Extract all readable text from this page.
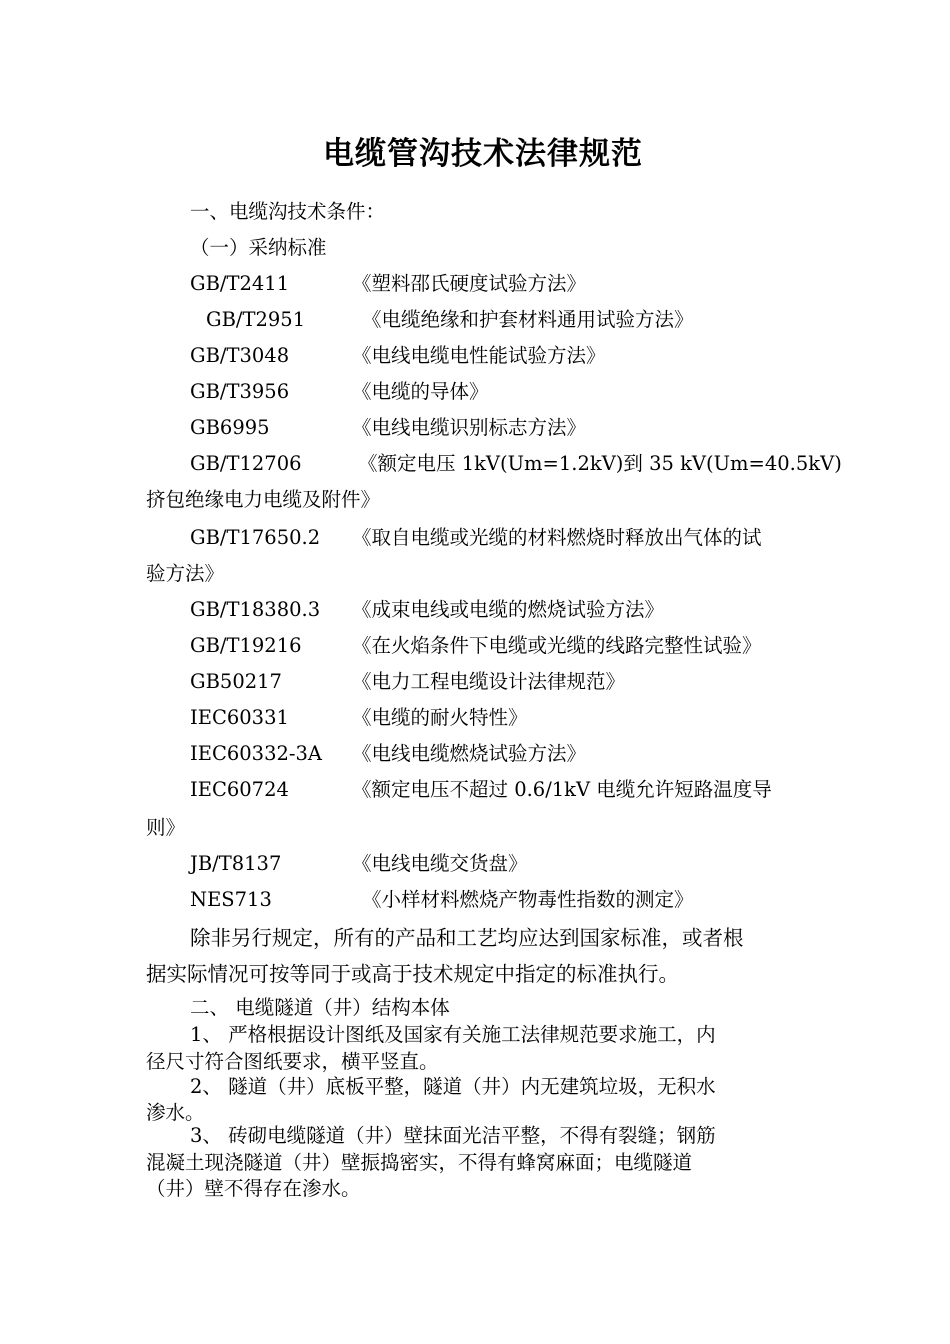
电缆管沟技术法律规范
一、电缆沟技术条件：
（一）采纳标准
GB/T2411	《塑料邵氏硬度试验方法》
GB/T2951	《电缆绝缘和护套材料通用试验方法》
GB/T3048	《电线电缆电性能试验方法》
GB/T3956	《电缆的导体》
GB6995	《电线电缆识别标志方法》
GB/T12706	《额定电压 1kV(Um=1.2kV)到 35 kV(Um=40.5kV)
挤包绝缘电力电缆及附件》
GB/T17650.2 《取自电缆或光缆的材料燃烧时释放出气体的试
验方法》
GB/T18380.3 《成束电线或电缆的燃烧试验方法》
GB/T19216	《在火焰条件下电缆或光缆的线路完整性试验》
GB50217	《电力工程电缆设计法律规范》
IEC60331	《电缆的耐火特性》
IEC60332-3A 《电线电缆燃烧试验方法》
IEC60724	《额定电压不超过 0.6/1kV 电缆允许短路温度导
则》
JB/T8137	《电线电缆交货盘》
NES713	《小样材料燃烧产物毒性指数的测定》
除非另行规定，所有的产品和工艺均应达到国家标准，或者根
据实际情况可按等同于或高于技术规定中指定的标准执行。
二、 电缆隧道（井）结构本体
1、 严格根据设计图纸及国家有关施工法律规范要求施工，内
径尺寸符合图纸要求，横平竖直。
2、 隧道（井）底板平整，隧道（井）内无建筑垃圾，无积水
渗水。
3、 砖砌电缆隧道（井）壁抹面光洁平整，不得有裂缝；钢筋
混凝土现浇隧道（井）壁振捣密实，不得有蜂窝麻面；电缆隧道
（井）壁不得存在渗水。
